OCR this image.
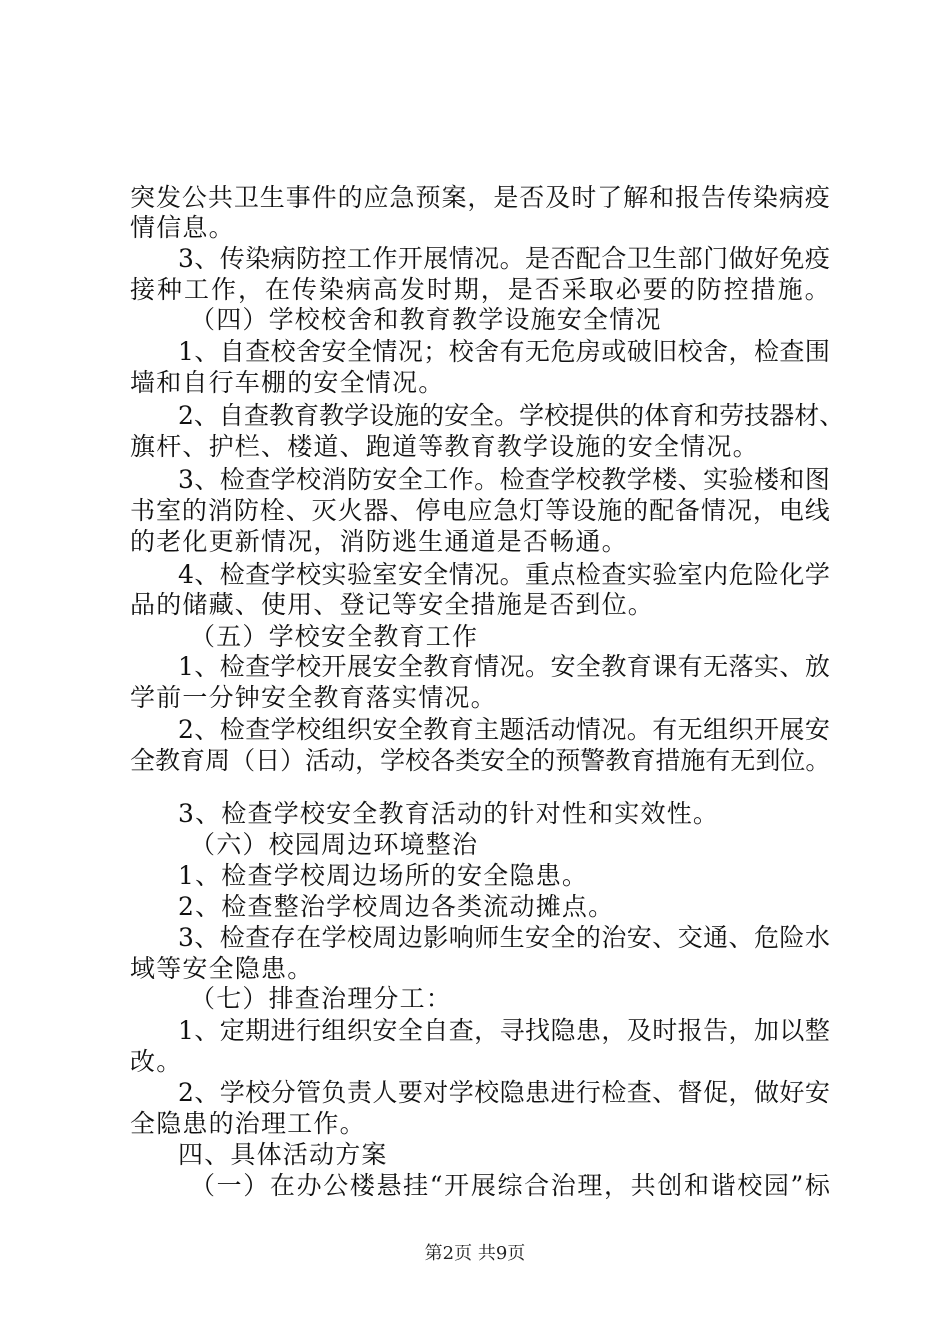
突 发 公 共 卫 生 事 件 的 应 急 预 案 ， 是 否 及 时 了 解 和 报 告 传 染 病 疫
情信息。
3 、 传 染 病 防 控 工 作 开 展 情 况 。 是 否 配 合 卫 生 部 门 做 好 免 疫
接 种 工 作 ， 在 传 染 病 高 发 时 期 ， 是 否 采 取 必 要 的 防 控 措 施 。
（四）学校校舍和教育教学设施安全情况
1 、 自 查 校 舍 安 全 情 况 ； 校 舍 有 无 危 房 或 破 旧 校 舍 ， 检 查 围
墙和自行车棚的安全情况。
2 、 自 查 教 育 教 学 设 施 的 安 全 。 学 校 提 供 的 体 育 和 劳 技 器 材 、
旗杆、护栏、楼道、跑道等教育教学设施的安全情况。
3 、 检 查 学 校 消 防 安 全 工 作 。 检 查 学 校 教 学 楼 、 实 验 楼 和 图
书 室 的 消 防 栓 、 灭 火 器 、 停 电 应 急 灯 等 设 施 的 配 备 情 况 ， 电 线
的老化更新情况，消防逃生通道是否畅通。
4 、 检 查 学 校 实 验 室 安 全 情 况 。 重 点 检 查 实 验 室 内 危 险 化 学
品的储藏、使用、登记等安全措施是否到位。
（五）学校安全教育工作
1 、 检 查 学 校 开 展 安 全 教 育 情 况 。 安 全 教 育 课 有 无 落 实 、 放
学前一分钟安全教育落实情况。
2 、 检 查 学 校 组 织 安 全 教 育 主 题 活 动 情 况 。 有 无 组 织 开 展 安
全 教 育 周 （ 日 ） 活 动 ， 学 校 各 类 安 全 的 预 警 教 育 措 施 有 无 到 位 。
3、检查学校安全教育活动的针对性和实效性。
（六）校园周边环境整治
1、检查学校周边场所的安全隐患。
2、检查整治学校周边各类流动摊点。
3 、 检 查 存 在 学 校 周 边 影 响 师 生 安 全 的 治 安 、 交 通 、 危 险 水
域等安全隐患。
（七）排查治理分工：
1 、 定 期 进 行 组 织 安 全 自 查 ， 寻 找 隐 患 ， 及 时 报 告 ， 加 以 整
改。
2 、 学 校 分 管 负 责 人 要 对 学 校 隐 患 进 行 检 查 、 督 促 ， 做 好 安
全隐患的治理工作。
四、具体活动方案
（ 一 ） 在 办 公 楼 悬 挂 “ 开 展 综 合 治 理 ， 共 创 和 谐 校 园 ” 标
第2页 共9页
